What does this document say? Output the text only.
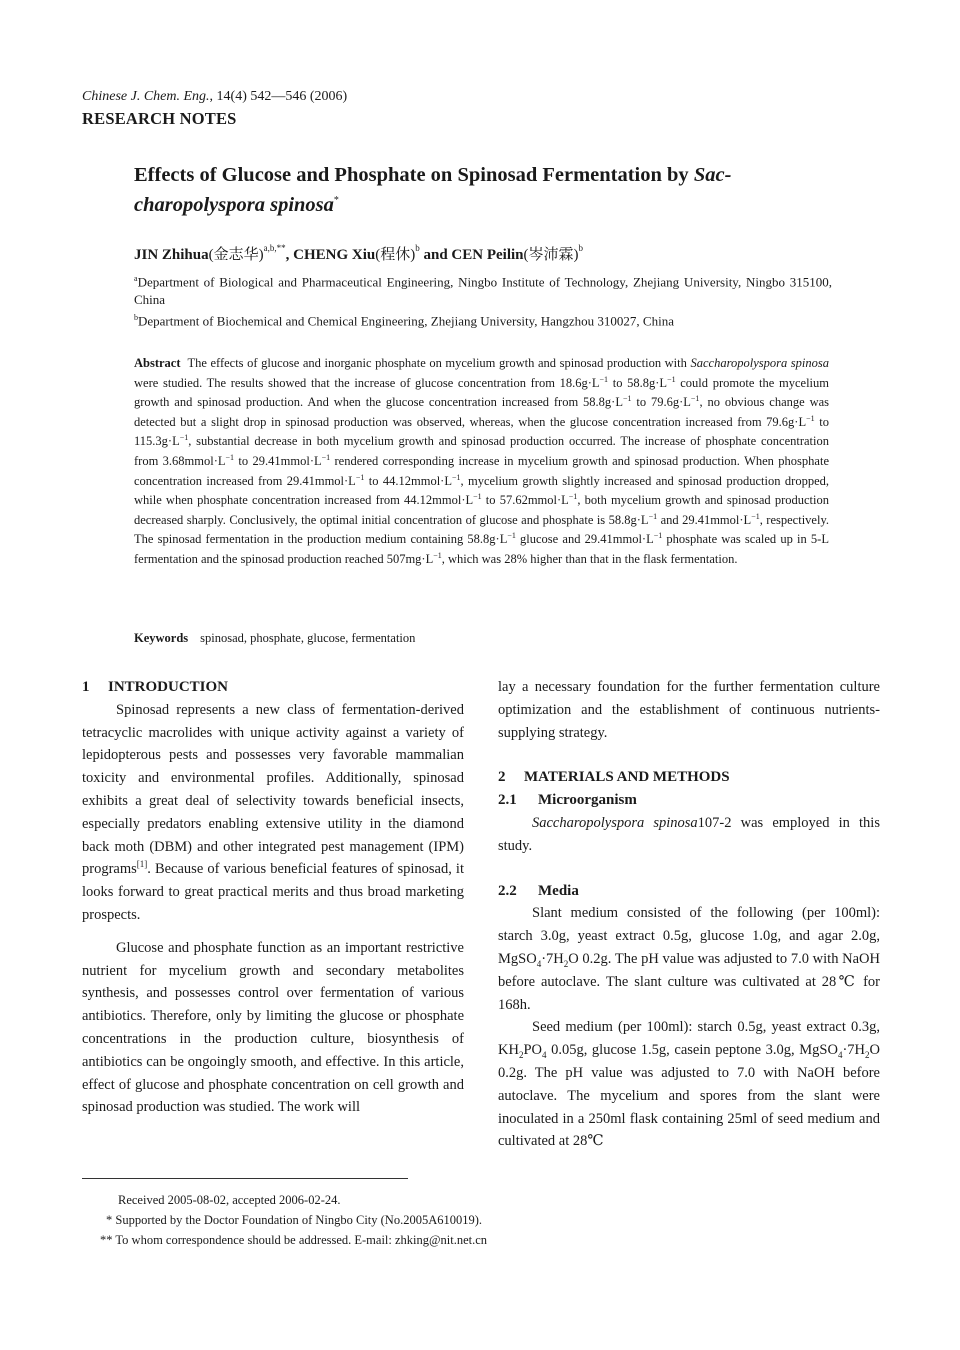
Chinese J. Chem. Eng., 14(4) 542—546 (2006)
RESEARCH NOTES
Effects of Glucose and Phosphate on Spinosad Fermentation by Sac-charopolyspora spinosa*
JIN Zhihua(金志华)$^{a,b,**}$, CHENG Xiu(程休)$^b$ and CEN Peilin(岑沛霖)$^b$
$^a$Department of Biological and Pharmaceutical Engineering, Ningbo Institute of Technology, Zhejiang University, Ningbo 315100, China
$^b$Department of Biochemical and Chemical Engineering, Zhejiang University, Hangzhou 310027, China
Abstract The effects of glucose and inorganic phosphate on mycelium growth and spinosad production with Saccharopolyspora spinosa were studied. The results showed that the increase of glucose concentration from $18.6g\cdot L^{-1}$ to $58.8g\cdot L^{-1}$ could promote the mycelium growth and spinosad production. And when the glucose concentration increased from $58.8g\cdot L^{-1}$ to $79.6g\cdot L^{-1}$, no obvious change was detected but a slight drop in spinosad production was observed, whereas, when the glucose concentration increased from $79.6g\cdot L^{-1}$ to $115.3g\cdot L^{-1}$, substantial decrease in both mycelium growth and spinosad production occurred. The increase of phosphate concentration from $3.68mmol\cdot L^{-1}$ to $29.41mmol\cdot L^{-1}$ rendered corresponding increase in mycelium growth and spinosad production. When phosphate concentration increased from $29.41mmol\cdot L^{-1}$ to $44.12mmol\cdot L^{-1}$, mycelium growth slightly increased and spinosad production dropped, while when phosphate concentration increased from $44.12mmol\cdot L^{-1}$ to $57.62mmol\cdot L^{-1}$, both mycelium growth and spinosad production decreased sharply. Conclusively, the optimal initial concentration of glucose and phosphate is $58.8g\cdot L^{-1}$ and $29.41mmol\cdot L^{-1}$, respectively. The spinosad fermentation in the production medium containing $58.8g\cdot L^{-1}$ glucose and $29.41mmol\cdot L^{-1}$ phosphate was scaled up in 5-L fermentation and the spinosad production reached $507mg\cdot L^{-1}$, which was 28% higher than that in the flask fermentation.
Keywords spinosad, phosphate, glucose, fermentation

1 INTRODUCTION

Spinosad represents a new class of fermentation-derived tetracyclic macrolides with unique activity against a variety of lepidopterous pests and possesses very favorable mammalian toxicity and environmental profiles. Additionally, spinosad exhibits a great deal of selectivity towards beneficial insects, especially predators enabling extensive utility in the diamond back moth (DBM) and other integrated pest management (IPM) programs[1]. Because of various beneficial features of spinosad, it looks forward to great practical merits and thus broad marketing prospects.

Glucose and phosphate function as an important restrictive nutrient for mycelium growth and secondary metabolites synthesis, and possesses control over fermentation of various antibiotics. Therefore, only by limiting the glucose or phosphate concentrations in the production culture, biosynthesis of antibiotics can be ongoingly smooth, and effective. In this article, effect of glucose and phosphate concentration on cell growth and spinosad production was studied. The work will

lay a necessary foundation for the further fermentation culture optimization and the establishment of continuous nutrients-supplying strategy.

2 MATERIALS AND METHODS

2.1 Microorganism

Saccharopolyspora spinosa107-2 was employed in this study.

2.2 Media

Slant medium consisted of the following (per 100ml): starch 3.0g, yeast extract 0.5g, glucose 1.0g, and agar 2.0g, $MgSO_4\cdot 7H_2O$ 0.2g. The pH value was adjusted to 7.0 with NaOH before autoclave. The slant culture was cultivated at 28℃ for 168h.

Seed medium (per 100ml): starch 0.5g, yeast extract 0.3g, $KH_2PO_4$ 0.05g, glucose 1.5g, casein peptone 3.0g, $MgSO_4\cdot 7H_2O$ 0.2g. The pH value was adjusted to 7.0 with NaOH before autoclave. The mycelium and spores from the slant were inoculated in a 250ml flask containing 25ml of seed medium and cultivated at 28℃

Received 2005-08-02, accepted 2006-02-24.
* Supported by the Doctor Foundation of Ningbo City (No.2005A610019).
** To whom correspondence should be addressed. E-mail: zhking@nit.net.cn
